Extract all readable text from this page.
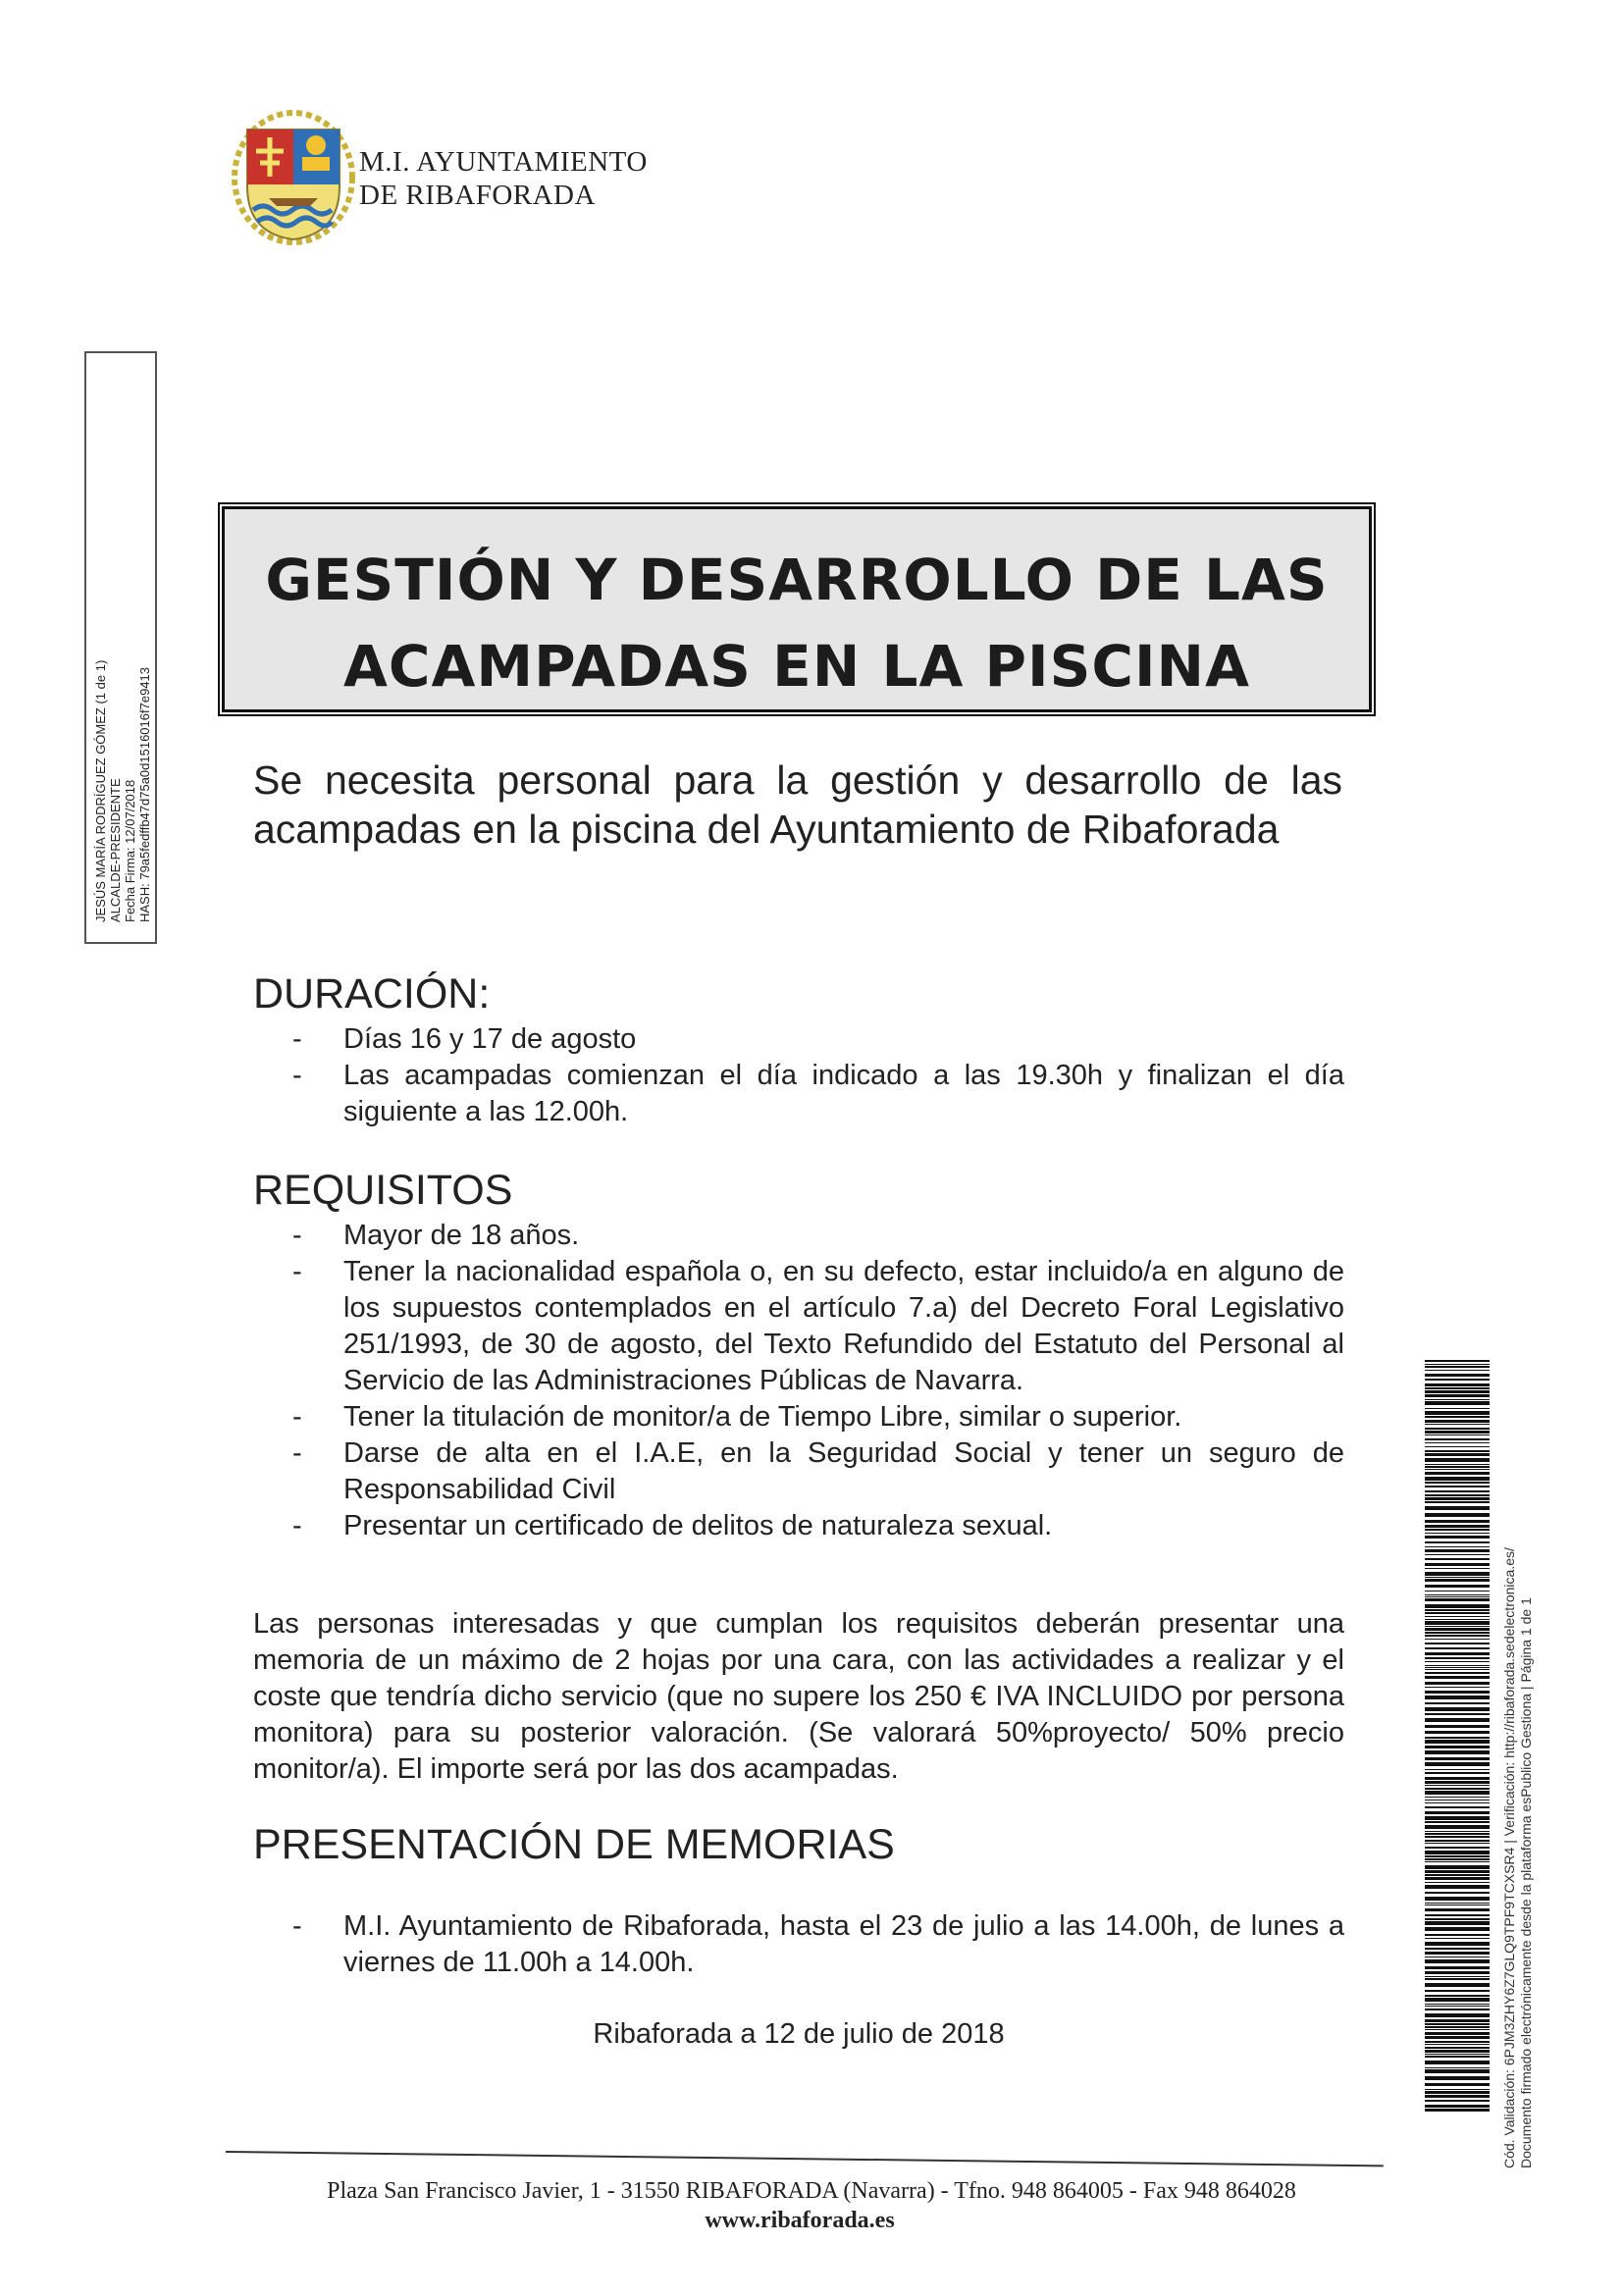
M.I. AYUNTAMIENTO
DE RIBAFORADA
JESÚS MARÍA RODRÍGUEZ GÓMEZ (1 de 1) ALCALDE-PRESIDENTE Fecha Firma: 12/07/2018 HASH: 79a5fedffb47d75a0d1516016f7e9413
GESTIÓN Y DESARROLLO DE LAS
ACAMPADAS EN LA PISCINA
Se necesita personal para la gestión y desarrollo de las acampadas en la piscina del Ayuntamiento de Ribaforada
DURACIÓN:
- Días 16 y 17 de agosto
- Las acampadas comienzan el día indicado a las 19.30h y finalizan el día siguiente a las 12.00h.
REQUISITOS
- Mayor de 18 años.
- Tener la nacionalidad española o, en su defecto, estar incluido/a en alguno de los supuestos contemplados en el artículo 7.a) del Decreto Foral Legislativo 251/1993, de 30 de agosto, del Texto Refundido del Estatuto del Personal al Servicio de las Administraciones Públicas de Navarra.
- Tener la titulación de monitor/a de Tiempo Libre, similar o superior.
- Darse de alta en el I.A.E, en la Seguridad Social y tener un seguro de Responsabilidad Civil
- Presentar un certificado de delitos de naturaleza sexual.
Las personas interesadas y que cumplan los requisitos deberán presentar una memoria de un máximo de 2 hojas por una cara, con las actividades a realizar y el coste que tendría dicho servicio (que no supere los 250 € IVA INCLUIDO por persona monitora) para su posterior valoración. (Se valorará 50%proyecto/ 50% precio monitor/a). El importe será por las dos acampadas.
PRESENTACIÓN DE MEMORIAS
- M.I. Ayuntamiento de Ribaforada, hasta el 23 de julio a las 14.00h, de lunes a viernes de 11.00h a 14.00h.
Ribaforada a 12 de julio de 2018	Cód. Validación: 6PJM3ZHY6Z7GLQ9TPF9TCXSR4 | Verificación: http://ribaforada.sedelectronica.es/ Documento firmado electrónicamente desde la plataforma esPublico Gestiona | Página 1 de 1
Plaza San Francisco Javier, 1 - 31550 RIBAFORADA (Navarra) - Tfno. 948 864005 - Fax 948 864028
www.ribaforada.es
